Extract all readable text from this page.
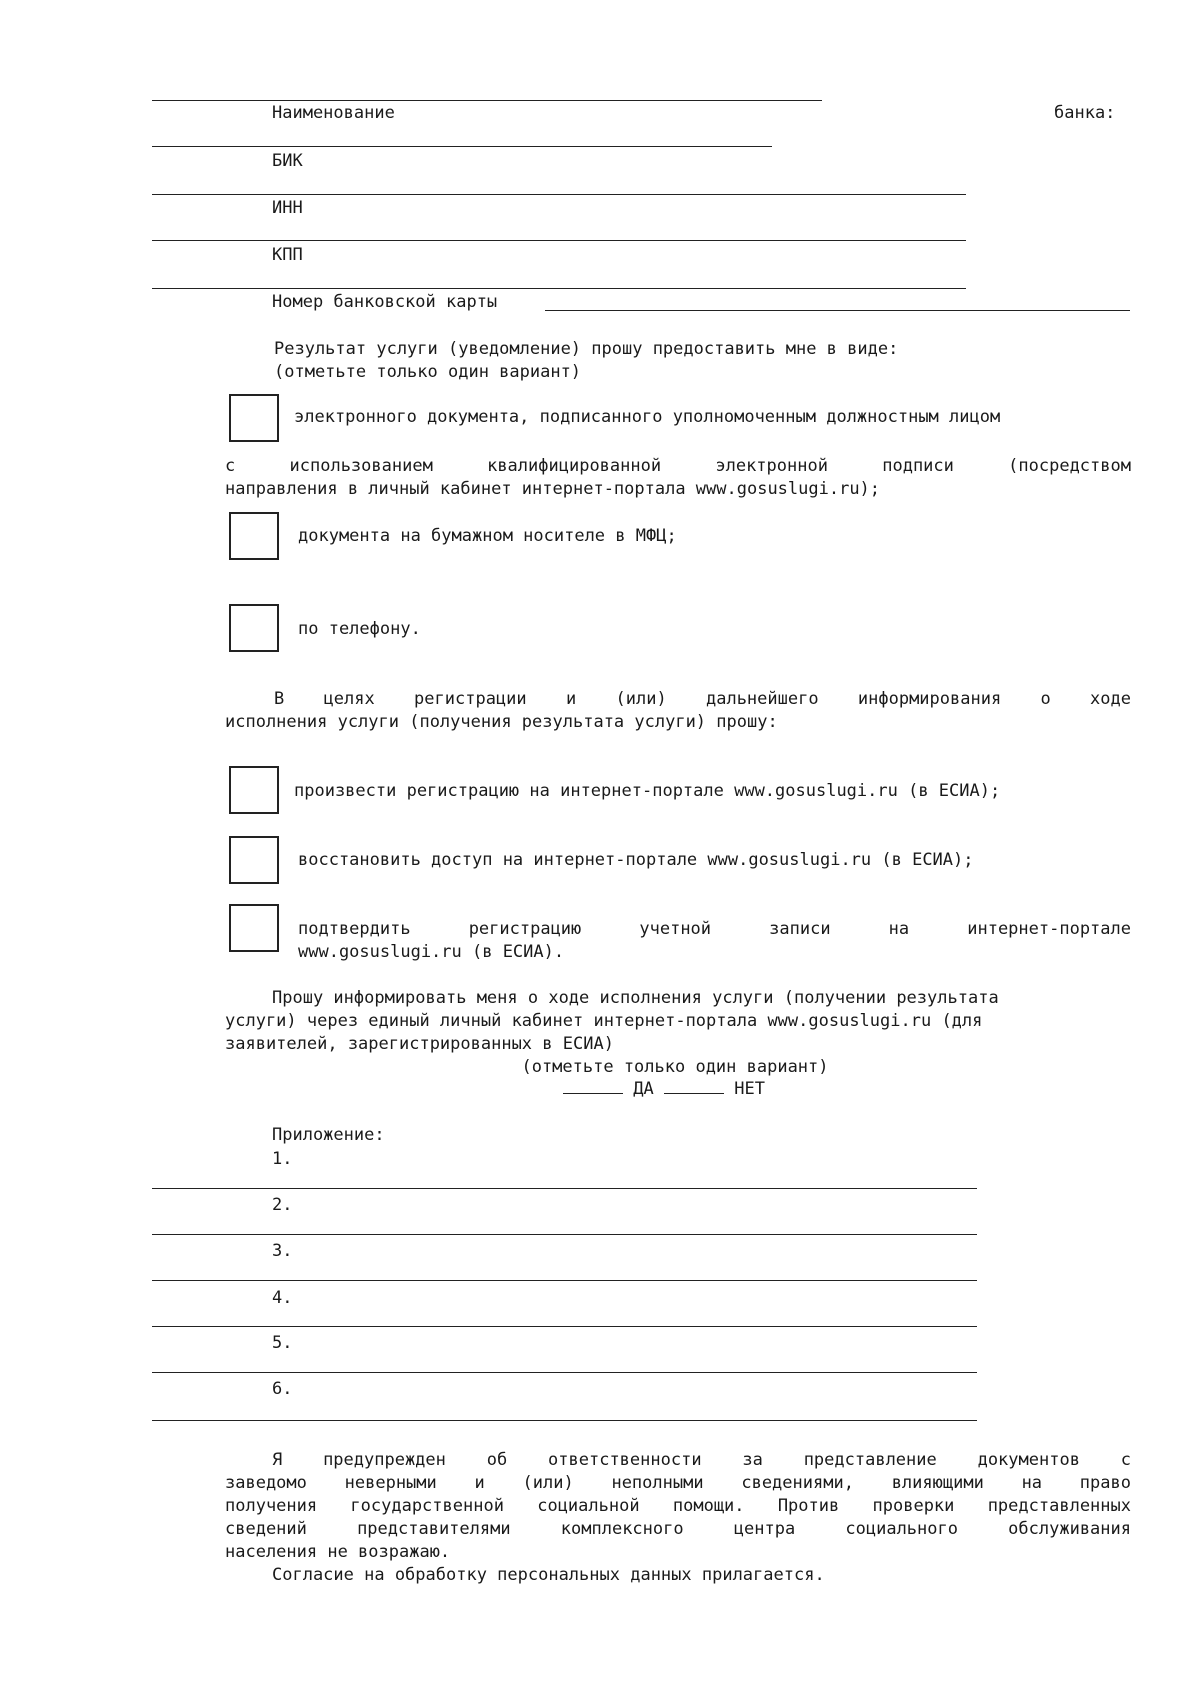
Наименование	банка:
БИК
ИНН
КПП
Номер банковской карты
Результат услуги (уведомление) прошу предоставить мне в виде:
(отметьте только один вариант)
электронного документа, подписанного уполномоченным должностным лицом
с использованием квалифицированной электронной подписи (посредством
направления в личный кабинет интернет-портала www.gosuslugi.ru);
документа на бумажном носителе в МФЦ;
по телефону.
В целях регистрации и (или) дальнейшего информирования о ходе
исполнения услуги (получения результата услуги) прошу:
произвести регистрацию на интернет-портале www.gosuslugi.ru (в ЕСИА);
восстановить доступ на интернет-портале www.gosuslugi.ru (в ЕСИА);
подтвердить регистрацию учетной записи на интернет-портале
www.gosuslugi.ru (в ЕСИА).
Прошу информировать меня о ходе исполнения услуги (получении результата
услуги) через единый личный кабинет интернет-портала www.gosuslugi.ru (для
заявителей, зарегистрированных в ЕСИА)
(отметьте только один вариант)
ДА	НЕТ
Приложение:
1.
2.
3.
4.
5.
6.
Я предупрежден об ответственности за представление документов с
заведомо неверными и (или) неполными сведениями, влияющими на право
получения государственной социальной помощи. Против проверки представленных
сведений представителями комплексного центра социального обслуживания
населения не возражаю.
Согласие на обработку персональных данных прилагается.
